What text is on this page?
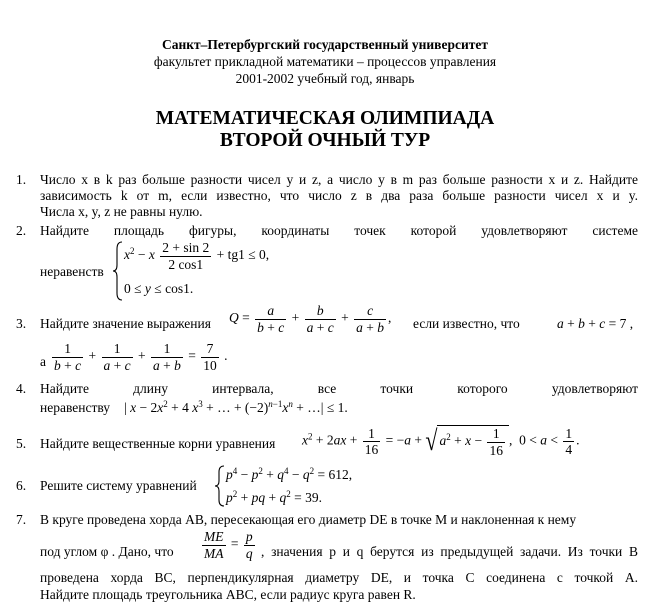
Санкт–Петербургский государственный университет
факультет прикладной математики – процессов управления
2001-2002 учебный год, январь
МАТЕМАТИЧЕСКАЯ ОЛИМПИАДА
ВТОРОЙ ОЧНЫЙ ТУР
1. Число x в k раз больше разности чисел y и z, а число y в m раз больше разности x и z. Найдите
зависимость k от m, если известно, что число z в два раза больше разности чисел x и y.
Числа x, y, z не равны нулю.
2. Найдите площадь фигуры, координаты точек которой удовлетворяют системе
неравенств
$x^2 - x \frac{2 + \sin 2}{2 \cos 1} + tg1 \le 0$,
0 ≤ y ≤ cos1.
3. Найдите значение выражения $Q = \frac{a}{b + c} + \frac{b}{a + c} + \frac{c}{a + b}$ , если известно, что	a + b + c = 7 ,
а $\frac{1}{b + c} + \frac{1}{a + c} + \frac{1}{a + b} = \frac{7}{10}$ .
4. Найдите длину интервала, все точки которого удовлетворяют
неравенству | $x - 2x^2 + 4$ $x^3$ + … + $(-2)^{n-1}x^n$ + …| ≤ 1.
5. Найдите вещественные корни уравнения $x^2 + 2ax + \frac{1}{16} = -a$ + √ $a^2 + x - \frac{1}{16}$ ,  $0 < a < \frac{1}{4}$ .
6. Решите систему уравнений
$p^4 - p^2 + q^4 - q^2 = 612$,
$p^2$ + pq + $q^2 = 39$.
7. В круге проведена хорда AB, пересекающая его диаметр DE в точке M и наклоненная к нему
под углом φ . Дано, что $\frac{ME}{MA} = \frac{p}{q}$ , значения p и q берутся из предыдущей задачи. Из точки B
проведена хорда BC, перпендикулярная диаметру DE, и точка C соединена с точкой A.
Найдите площадь треугольника ABC, если радиус круга равен R.
